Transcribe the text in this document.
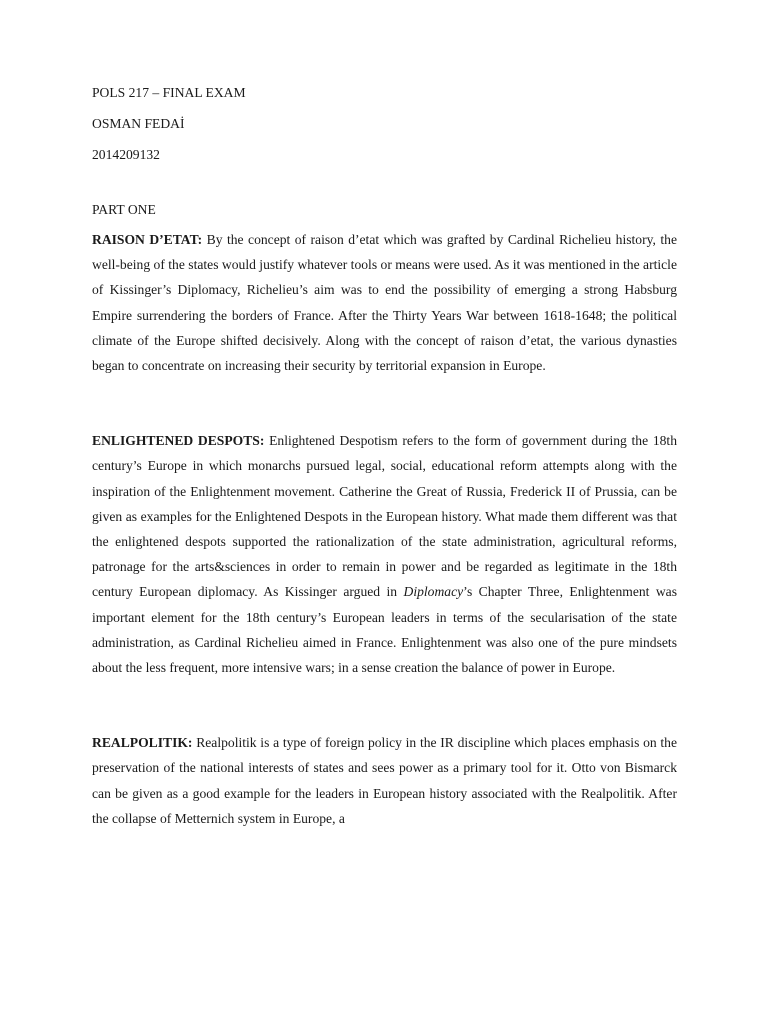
POLS 217 – FINAL EXAM

OSMAN FEDAİ

2014209132

PART ONE

RAISON D’ETAT: By the concept of raison d’etat which was grafted by Cardinal Richelieu history, the well-being of the states would justify whatever tools or means were used. As it was mentioned in the article of Kissinger’s Diplomacy, Richelieu’s aim was to end the possibility of emerging a strong Habsburg Empire surrendering the borders of France. After the Thirty Years War between 1618-1648; the political climate of the Europe shifted decisively. Along with the concept of raison d’etat, the various dynasties began to concentrate on increasing their security by territorial expansion in Europe.

ENLIGHTENED DESPOTS: Enlightened Despotism refers to the form of government during the 18th century’s Europe in which monarchs pursued legal, social, educational reform attempts along with the inspiration of the Enlightenment movement. Catherine the Great of Russia, Frederick II of Prussia, can be given as examples for the Enlightened Despots in the European history. What made them different was that the enlightened despots supported the rationalization of the state administration, agricultural reforms, patronage for the arts&sciences in order to remain in power and be regarded as legitimate in the 18th century European diplomacy. As Kissinger argued in Diplomacy’s Chapter Three, Enlightenment was important element for the 18th century’s European leaders in terms of the secularisation of the state administration, as Cardinal Richelieu aimed in France. Enlightenment was also one of the pure mindsets about the less frequent, more intensive wars; in a sense creation the balance of power in Europe.

REALPOLITIK: Realpolitik is a type of foreign policy in the IR discipline which places emphasis on the preservation of the national interests of states and sees power as a primary tool for it. Otto von Bismarck can be given as a good example for the leaders in European history associated with the Realpolitik. After the collapse of Metternich system in Europe, a
